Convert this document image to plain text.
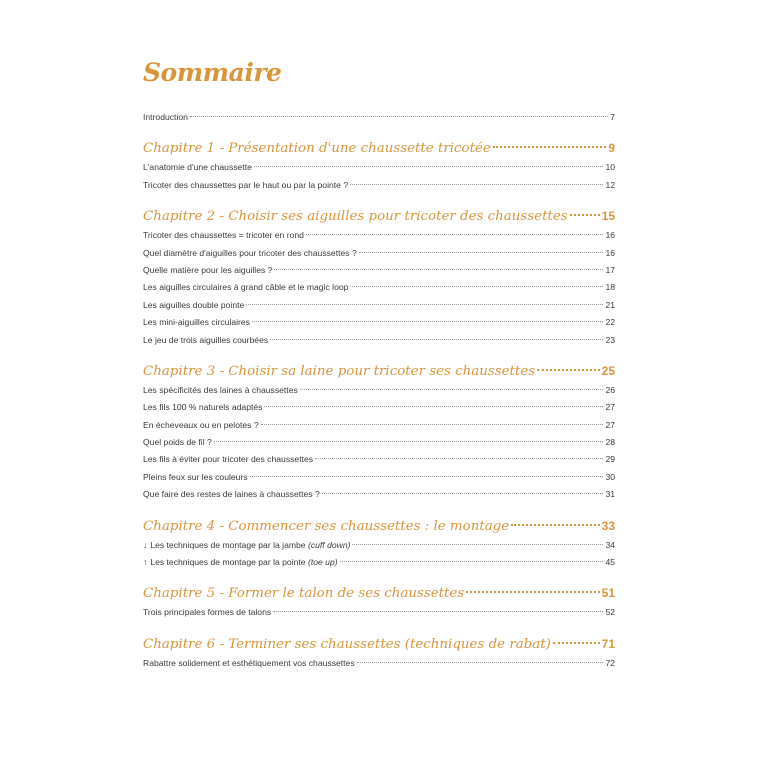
Sommaire
Introduction	7
Chapitre 1 - Présentation d'une chaussette tricotée	9
L'anatomie d'une chaussette	10
Tricoter des chaussettes par le haut ou par la pointe ?	12
Chapitre 2 - Choisir ses aiguilles pour tricoter des chaussettes	15
Tricoter des chaussettes = tricoter en rond	16
Quel diamètre d'aiguilles pour tricoter des chaussettes ?	16
Quelle matière pour les aiguilles ?	17
Les aiguilles circulaires à grand câble et le magic loop	18
Les aiguilles double pointe	21
Les mini-aiguilles circulaires	22
Le jeu de trois aiguilles courbées	23
Chapitre 3 - Choisir sa laine pour tricoter ses chaussettes	25
Les spécificités des laines à chaussettes	26
Les fils 100 % naturels adaptés	27
En écheveaux ou en pelotes ?	27
Quel poids de fil ?	28
Les fils à éviter pour tricoter des chaussettes	29
Pleins feux sur les couleurs	30
Que faire des restes de laines à chaussettes ?	31
Chapitre 4 - Commencer ses chaussettes : le montage	33
↓ Les techniques de montage par la jambe (cuff down)	34
↑ Les techniques de montage par la pointe (toe up)	45
Chapitre 5 - Former le talon de ses chaussettes	51
Trois principales formes de talons	52
Chapitre 6 - Terminer ses chaussettes (techniques de rabat)	71
Rabattre solidement et esthétiquement vos chaussettes	72
